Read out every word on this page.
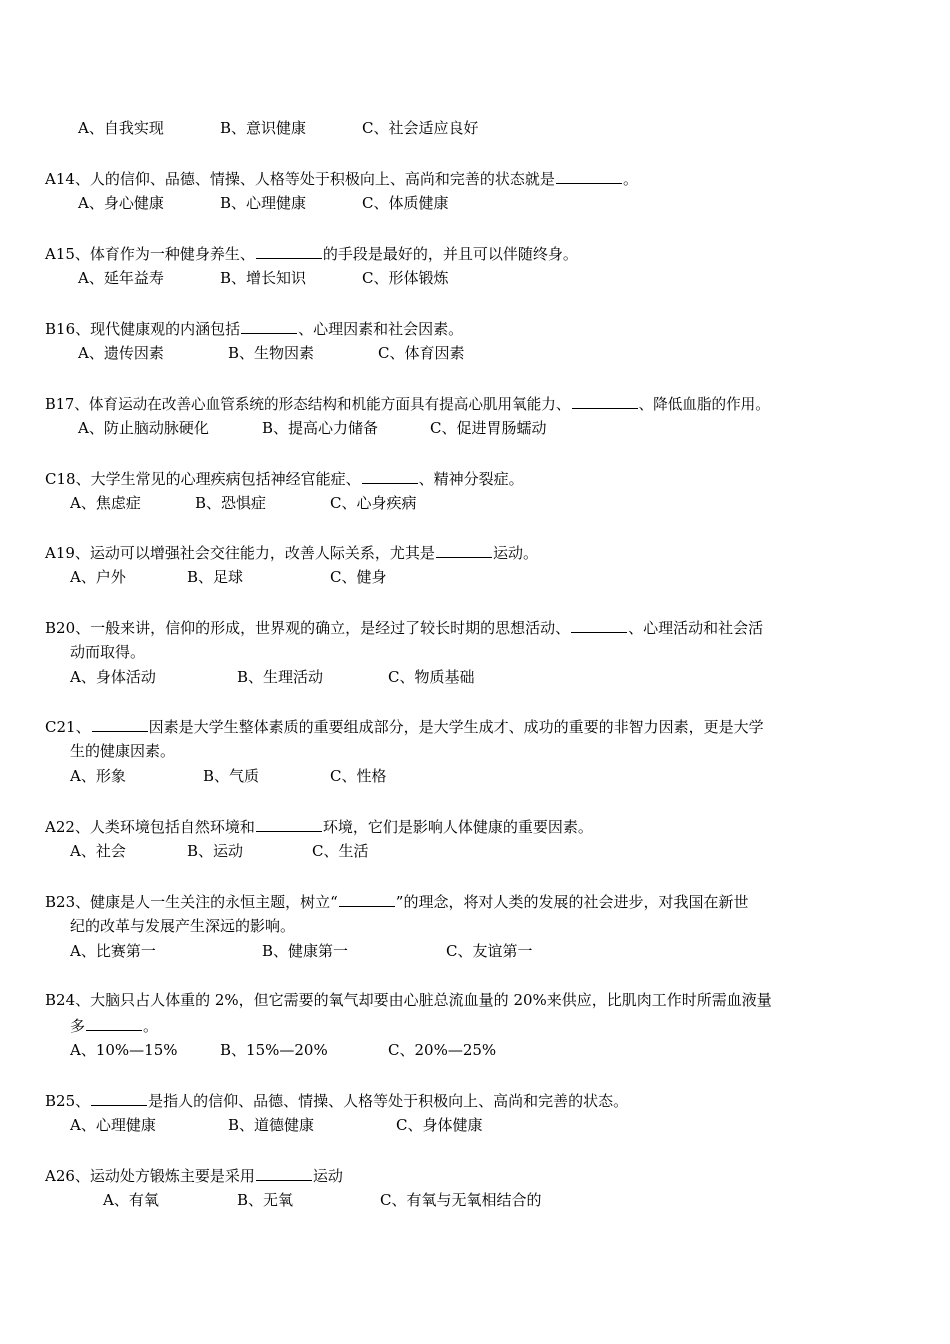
A、自我实现	B、意识健康	C、社会适应良好
A14、人的信仰、品德、情操、人格等处于积极向上、高尚和完善的状态就是	。
A、身心健康	B、心理健康	C、体质健康
A15、体育作为一种健身养生、	的手段是最好的，并且可以伴随终身。
A、延年益寿	B、增长知识	C、形体锻炼
B16、现代健康观的内涵包括	、心理因素和社会因素。
A、遗传因素	B、生物因素	C、体育因素
B17、体育运动在改善心血管系统的形态结构和机能方面具有提高心肌用氧能力、	、降低血脂的作用。
A、防止脑动脉硬化	B、提高心力储备	C、促进胃肠蠕动
C18、大学生常见的心理疾病包括神经官能症、	、精神分裂症。
A、焦虑症	B、恐惧症	C、心身疾病
A19、运动可以增强社会交往能力，改善人际关系，尤其是	运动。
A、户外	B、足球	C、健身
B20、一般来讲，信仰的形成，世界观的确立，是经过了较长时期的思想活动、	、心理活动和社会活
动而取得。
A、身体活动	B、生理活动	C、物质基础
C21、	因素是大学生整体素质的重要组成部分，是大学生成才、成功的重要的非智力因素，更是大学
生的健康因素。
A、形象	B、气质	C、性格
A22、人类环境包括自然环境和	环境，它们是影响人体健康的重要因素。
A、社会	B、运动	C、生活
B23、健康是人一生关注的永恒主题，树立“	”的理念，将对人类的发展的社会进步，对我国在新世
纪的改革与发展产生深远的影响。
A、比赛第一	B、健康第一	C、友谊第一
B24、大脑只占人体重的 2%，但它需要的氧气却要由心脏总流血量的 20%来供应，比肌肉工作时所需血液量
多	。
A、10%—15%	B、15%—20%	C、20%—25%
B25、	是指人的信仰、品德、情操、人格等处于积极向上、高尚和完善的状态。
A、心理健康	B、道德健康	C、身体健康
A26、运动处方锻炼主要是采用	运动
A、有氧	B、无氧	C、有氧与无氧相结合的
